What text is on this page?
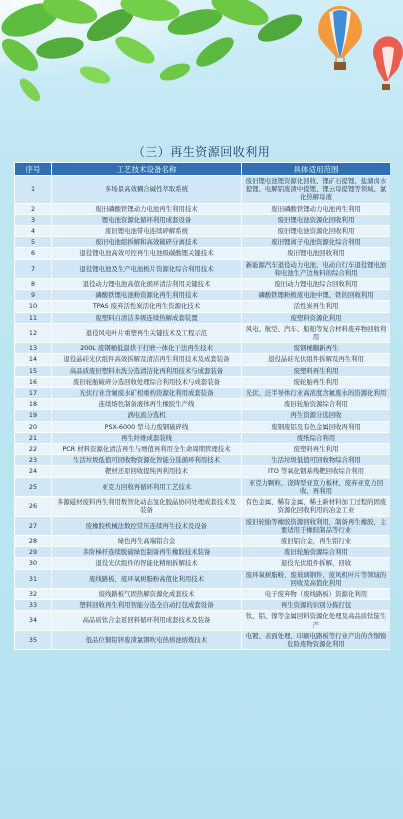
（三）再生资源回收利用
序号	工艺技术设备名称	具体适用范围
1	多场景高效耦合碱性萃取系统	废旧锂电池锂资源化回收、锂矿石提锂、盐湖卤水提锂、电解铝废渣中提锂、锂云母提锂等领域、氯化热解母液
2	废旧磷酸铁锂动力电池再生利用技术	废旧磷酸铁锂动力电池再生利用
3	锂电池资源化循环利用成套设备	废旧锂电池资源化回收利用
4	废旧锂电池带电连续碎解系统	废旧锂电池资源化回收利用
5	废旧电池组拆解和高效破碎分离技术	废旧锂离子电池资源化综合利用
6	退役锂电池高效可控再生电池级碳酸锂关键技术	废旧锂电池回收利用
7	退役锂电池及生产电池极片资源化综合利用技术	新能源汽车退役动力电池、电动自行车退役锂电池和电池生产边角料的综合利用
8	退役动力锂电池高值化循环清洁利用关键技术	废旧动力锂电池综合回收利用
9	磷酸铁锂电池粉资源化再生利用技术	磷酸铁锂粉极废电池中锂、铁的回收利用
10	TPAS 废弃活性炭活化再生资源化技术	活性炭再生利用
11	废塑料自清洁多级连续热解成套装置	废塑料资源化利用
12	退役风电叶片重塑再生关键技术及工程示范	风电、航空、汽车、船舶等复合材料废弃物回收利用
13	200L 废钢桶低温烘干打磨一体化干法再生技术	废钢桶翻新再生
14	退役晶硅光伏组件高效拆解及清洁再生利用技术及成套装备	退役晶硅光伏组件拆解及再生利用
15	高品质废旧塑料水洗分选清洁化再利用技术与成套装备	废塑料再生利用
16	废旧轮胎破碎分选回收处理综合利用技术与成套装备	废轮胎再生利用
17	光伏行业含氟废水矿相重构资源化利用成套装备	光伏、泛半导体行业高浓度含氟废水的资源化利用
18	连续熔色制备液体再生橡胶生产线	废旧轮胎资源综合利用
19	涡电流分选机	再生资源分选回收
20	PSX-6000 型马力废钢破碎线	废钢废铝及有色金属回收再利用
21	再生纤维成套装线	废纸综合利用
22	PCR 材料资源化清洁再生与增值再利用全生命周期管理技术	废塑料再生利用
23	生活垃圾低值可回收物资源化智能分选循环利用技术	生活垃圾低值可回收物综合利用
24	靶材还原回收提纯再利用技术	ITO 等氧化铟基残靶回收综合利用
25	亚克力回收再循环利用工艺技术	亚克力颗粒、浇铸型亚克力板材、废弃亚克力回收、再利用
26	多源磁材废料再生利用数智化动态氢化脱晶协同处理成套技术及装备	有色金属、稀有金属、稀土新材料加工过程的固废资源化回收利用的冶金工业
27	废橡胶机械法数控常压连续再生技术及设备	废旧轮胎等橡胶资源回收利用，制备再生橡胶，主要适用于橡胶制品等行业
28	绿色再生高端铝合金	废旧铝合金，再生铝行业
29	多阶梯杆连续脱硫绿色制备再生橡胶技术装备	废旧轮胎资源综合利用
30	退役光伏组件的智能化精细拆解技术	退役光伏组件拆解、回收
31	废线路板、废环氧树脂粉高值化利用技术	废环氧树脂粉、废玻璃钢件、废风机叶片等领域的回收及高值化利用
32	废线路板气固热解资源化成套技术	电子废弃物（废线路板）资源化利用
33	塑料回收再生利用智能分选全自动打包成套设备	再生资源的识别分拣打包
34	高品质钛合金返回料循环利用成套技术及装备	钛、铝、镍等金属回料资源化处理及高品质钛锭生产
35	低品位铜铅锌废渣氯钢吹电热熔池熔炼技术	电镀、表面处理、印刷电路板等行业产出的含铜镍危险废物资源化利用
